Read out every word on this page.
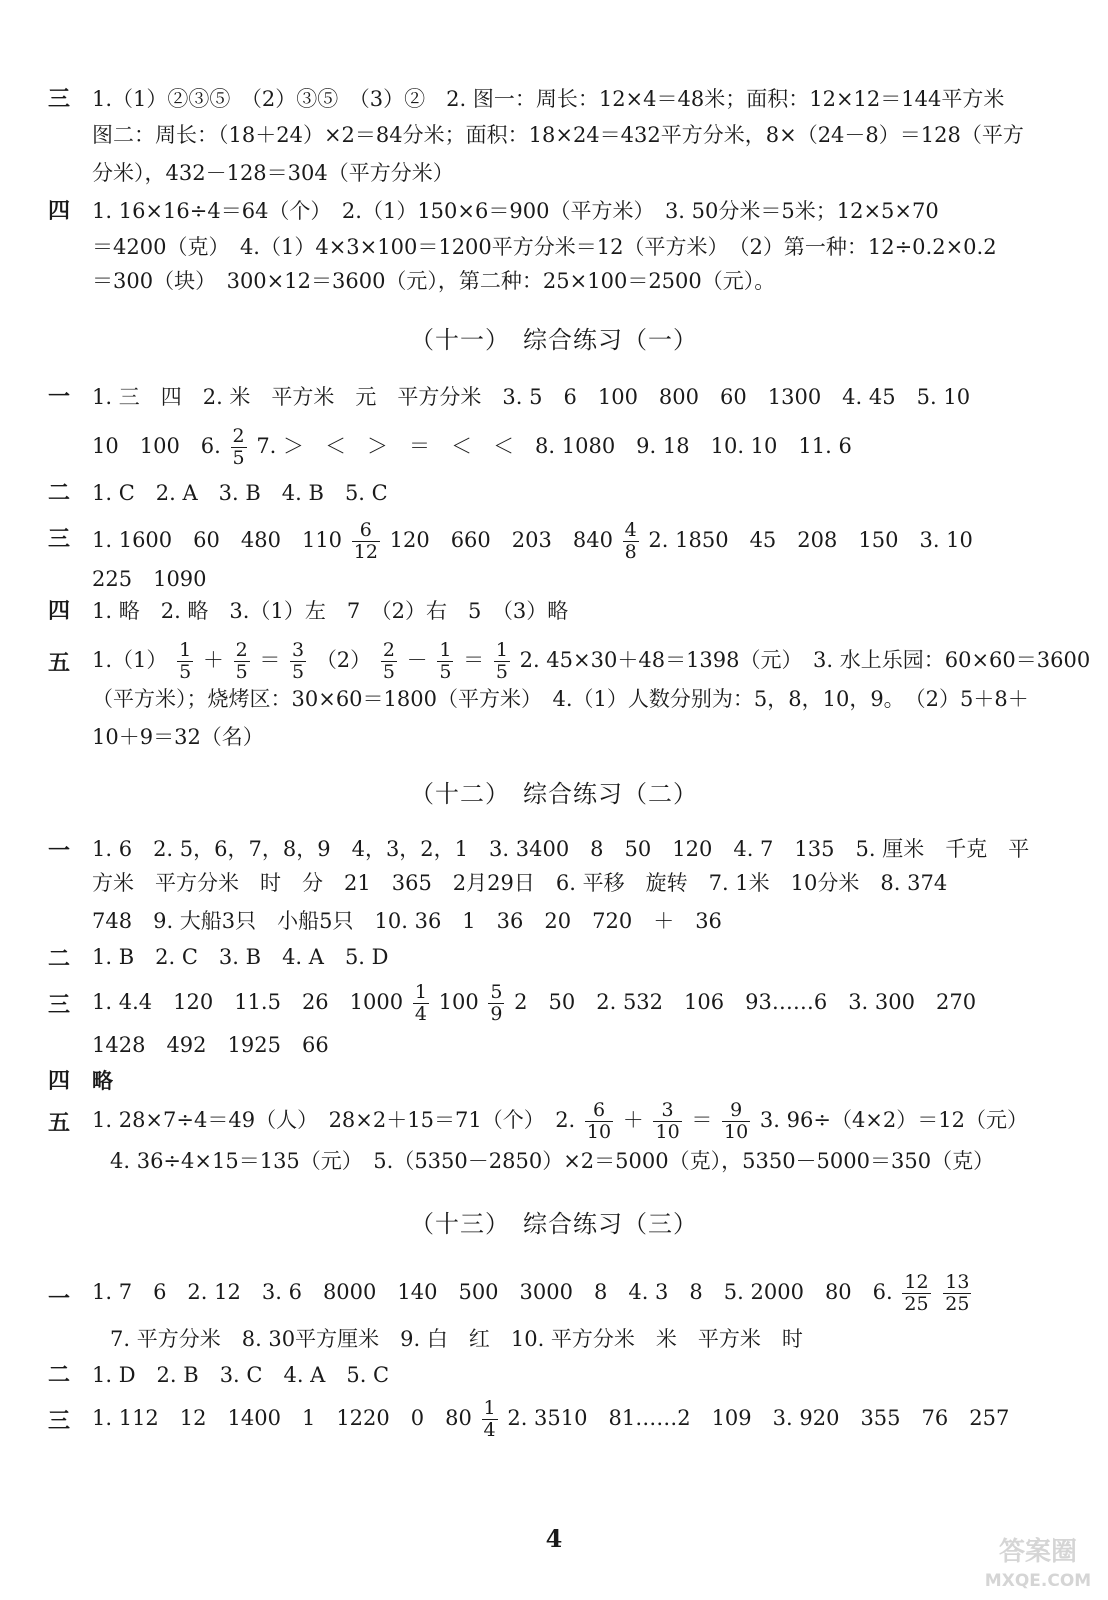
三 1.（1）②③⑤　（2）③⑤　（3）②　2. 图一：周长：12×4＝48米；面积：12×12＝144平方米
图二：周长：（18＋24）×2＝84分米；面积：18×24＝432平方分米，8×（24－8）＝128（平方
分米），432－128＝304（平方分米）
四 1. 16×16÷4＝64（个）　2.（1）150×6＝900（平方米）　3. 50分米＝5米；12×5×70
＝4200（克）　4.（1）4×3×100＝1200平方分米＝12（平方米）　（2）第一种：12÷0.2×0.2
＝300（块）　300×12＝3600（元），第二种：25×100＝2500（元）。
（十一）　综合练习（一）
一 1. 三　四　2. 米　平方米　元　平方分米　3. 5　6　100　800　60　1300　4. 45　5. 10
10　100　6. $\frac{2}{5} 7$. ＞　＜　＞　＝　＜　＜　8. 1080　9. 18　10. 10　11. 6
二 1. C　2. A　3. B　4. B　5. C
三 1. 1600　60　480　$110 \frac{6}{12} 120$　660　203　$840 \frac{4}{8} 2$. 1850　45　208　150　3. 10
225　1090
四 1. 略　2. 略　3.（1）左　7　（2）右　5　（3）略
五 $1.(1) \frac{1}{5} + \frac{2}{5} = \frac{3}{5} (2) \frac{2}{5} - \frac{1}{5} = \frac{1}{5} 2$. 45×30＋48＝1398（元）　3. 水上乐园：60×60＝3600
（平方米）；烧烤区：30×60＝1800（平方米）　4.（1）人数分别为：5，8，10，9。　（2）5＋8＋
10＋9＝32（名）
（十二）　综合练习（二）
一 1. 6　2. 5，6，7，8，9　4，3，2，1　3. 3400　8　50　120　4. 7　135　5. 厘米　千克　平
方米　平方分米　时　分　21　365　2月29日　6. 平移　旋转　7. 1米　10分米　8. 374
748　9. 大船3只　小船5只　10. 36　1　36　20　720　＋　36
二 1. B　2. C　3. B　4. A　5. D
三 1. 4.4　120　11.5　26　$1000 \frac{1}{4} 100 \frac{5}{9} 2$　50　2. 532　106　93……6　3. 300　270
1428　492　1925　66
四 略
五 1. 28×7÷4＝49（人）　28×2＋15＝71（个）　2. $\frac{6}{10} + \frac{3}{10} = \frac{9}{10} 3$. 96÷（4×2）＝12（元）
4. 36÷4×15＝135（元）　5.（5350－2850）×2＝5000（克），5350－5000＝350（克）
（十三）　综合练习（三）
一 1. 7　6　2. 12　3. 6　8000　140　500　3000　8　4. 3　8　5. 2000　80　6. $\frac{12}{25}$
$\frac{13}{25}$
7. 平方分米　8. 30平方厘米　9. 白　红　10. 平方分米　米　平方米　时
二 1. D　2. B　3. C　4. A　5. C
三 1. 112　12　1400　1　1220　0　$80 \frac{1}{4} 2$. 3510　81……2　109　3. 920　355　76　257
4	答案圈
MXQE.COM
